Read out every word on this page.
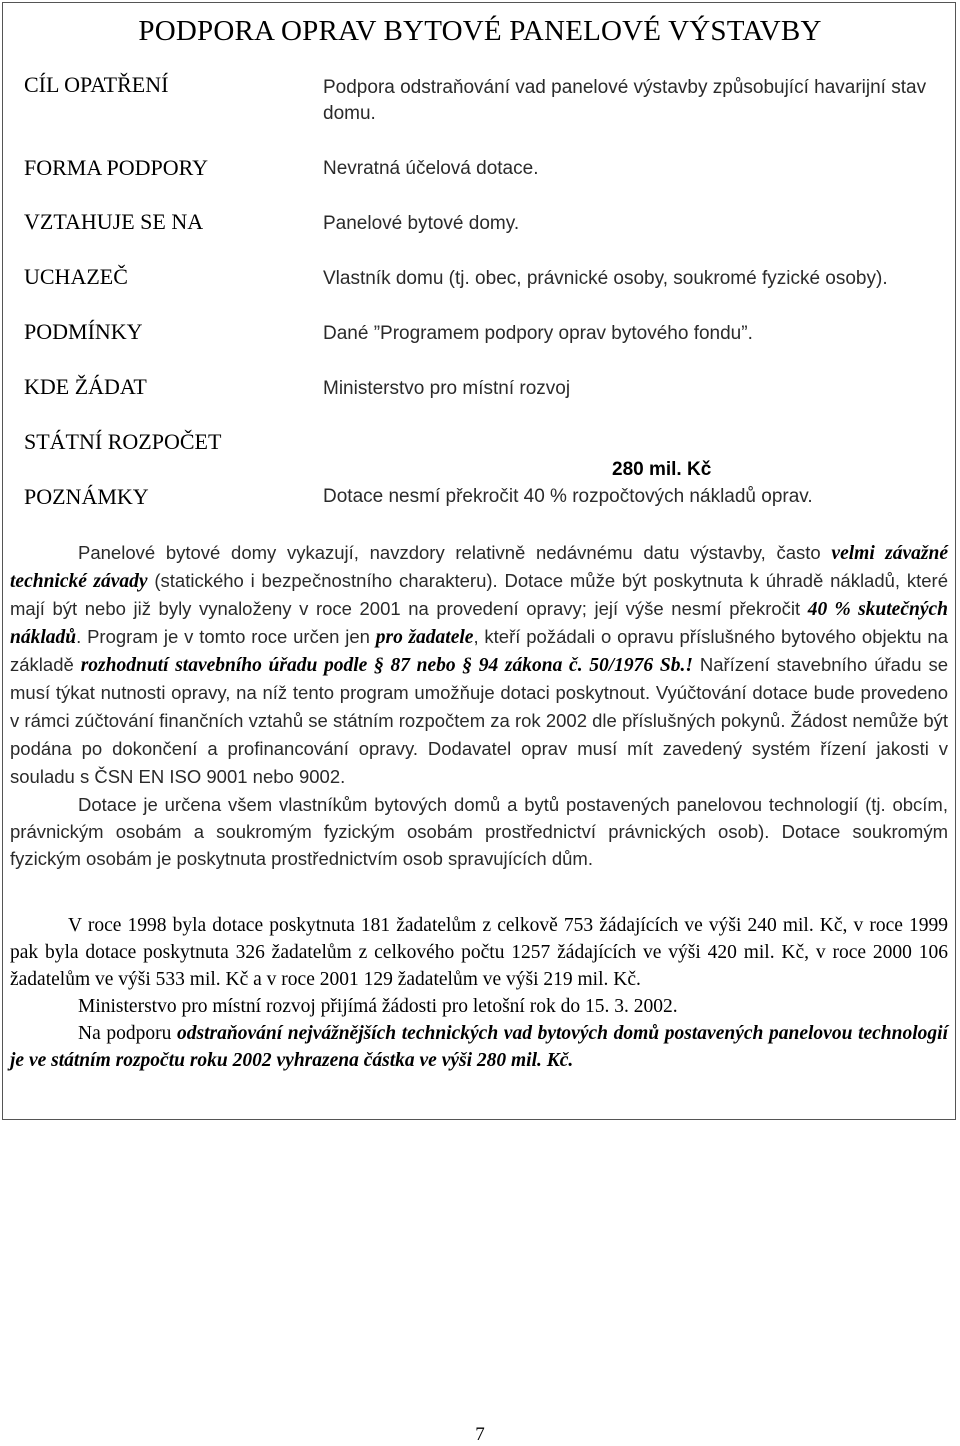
PODPORA OPRAV BYTOVÉ PANELOVÉ VÝSTAVBY
CÍL OPATŘENÍ
FORMA PODPORY
VZTAHUJE SE NA
UCHAZEČ
PODMÍNKY
KDE ŽÁDAT
STÁTNÍ ROZPOČET
POZNÁMKY
Podpora odstraňování vad panelové výstavby způsobující havarijní stav domu.
Nevratná účelová dotace.
Panelové bytové domy.
Vlastník domu (tj. obec, právnické osoby, soukromé fyzické osoby).
Dané ”Programem podpory oprav bytového fondu”.
Ministerstvo pro místní rozvoj
280 mil. Kč
Dotace nesmí překročit 40 % rozpočtových nákladů oprav.

Panelové bytové domy vykazují, navzdory relativně nedávnému datu výstavby, často velmi závažné technické závady (statického i bezpečnostního charakteru). Dotace může být poskytnuta k úhradě nákladů, které mají být nebo již byly vynaloženy v roce 2001 na provedení opravy; její výše nesmí překročit 40 % skutečných nákladů. Program je v tomto roce určen jen pro žadatele, kteří požádali o opravu příslušného bytového objektu na základě rozhodnutí stavebního úřadu podle § 87 nebo § 94 zákona č. 50/1976 Sb.! Nařízení stavebního úřadu se musí týkat nutnosti opravy, na níž tento program umožňuje dotaci poskytnout. Vyúčtování dotace bude provedeno v rámci zúčtování finančních vztahů se státním rozpočtem za rok 2002 dle příslušných pokynů. Žádost nemůže být podána po dokončení a profinancování opravy. Dodavatel oprav musí mít zavedený systém řízení jakosti v souladu s ČSN EN ISO 9001 nebo 9002.

Dotace je určena všem vlastníkům bytových domů a bytů postavených panelovou technologií (tj. obcím, právnickým osobám a soukromým fyzickým osobám prostřednictví právnických osob). Dotace soukromým fyzickým osobám je poskytnuta prostřednictvím osob spravujících dům.

V roce 1998 byla dotace poskytnuta 181 žadatelům z celkově 753 žádajících ve výši 240 mil. Kč, v roce 1999 pak byla dotace poskytnuta 326 žadatelům z celkového počtu 1257 žádajících ve výši 420 mil. Kč, v roce 2000 106 žadatelům ve výši 533 mil. Kč a v roce 2001 129 žadatelům ve výši 219 mil. Kč.

Ministerstvo pro místní rozvoj přijímá žádosti pro letošní rok do 15. 3. 2002.

Na podporu odstraňování nejvážnějších technických vad bytových domů postavených panelovou technologií je ve státním rozpočtu roku 2002 vyhrazena částka ve výši 280 mil. Kč.

7
